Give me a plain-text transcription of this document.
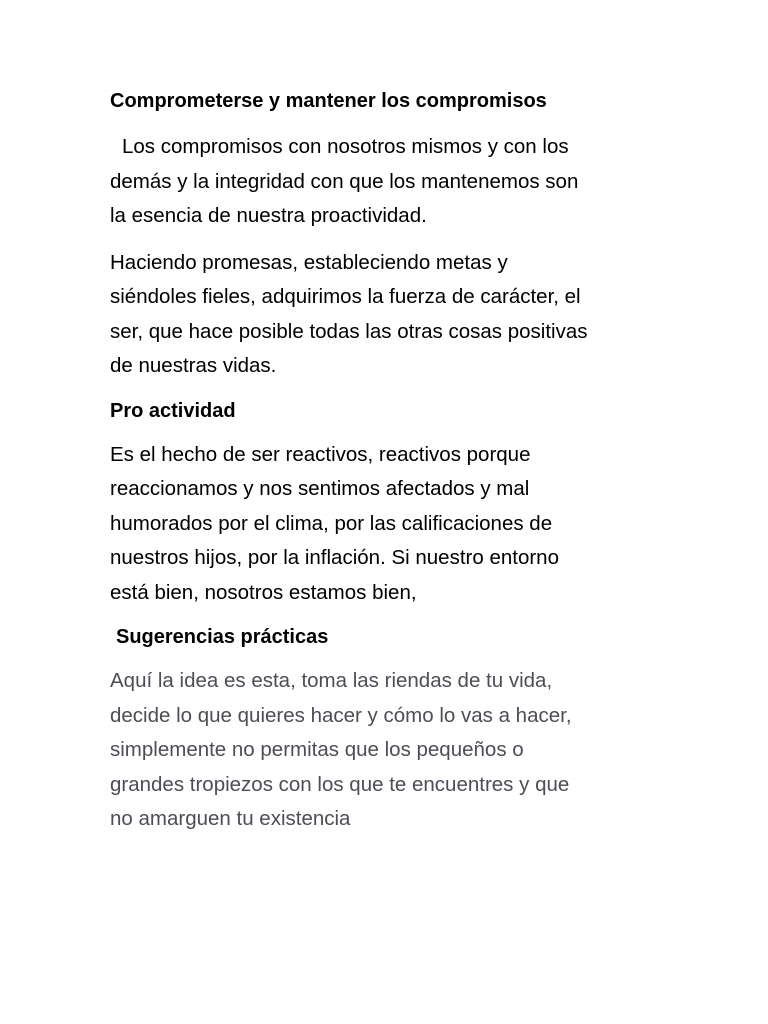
Comprometerse y mantener los compromisos
Los compromisos con nosotros mismos y con los
demás y la integridad con que los mantenemos son
la esencia de nuestra proactividad.
Haciendo promesas, estableciendo metas y
siéndoles fieles, adquirimos la fuerza de carácter, el
ser, que hace posible todas las otras cosas positivas
de nuestras vidas.
Pro actividad
Es el hecho de ser reactivos, reactivos porque
reaccionamos y nos sentimos afectados y mal
humorados por el clima, por las calificaciones de
nuestros hijos, por la inflación. Si nuestro entorno
está bien, nosotros estamos bien,
Sugerencias prácticas
Aquí la idea es esta, toma las riendas de tu vida,
decide lo que quieres hacer y cómo lo vas a hacer,
simplemente no permitas que los pequeños o
grandes tropiezos con los que te encuentres y que
no amarguen tu existencia
